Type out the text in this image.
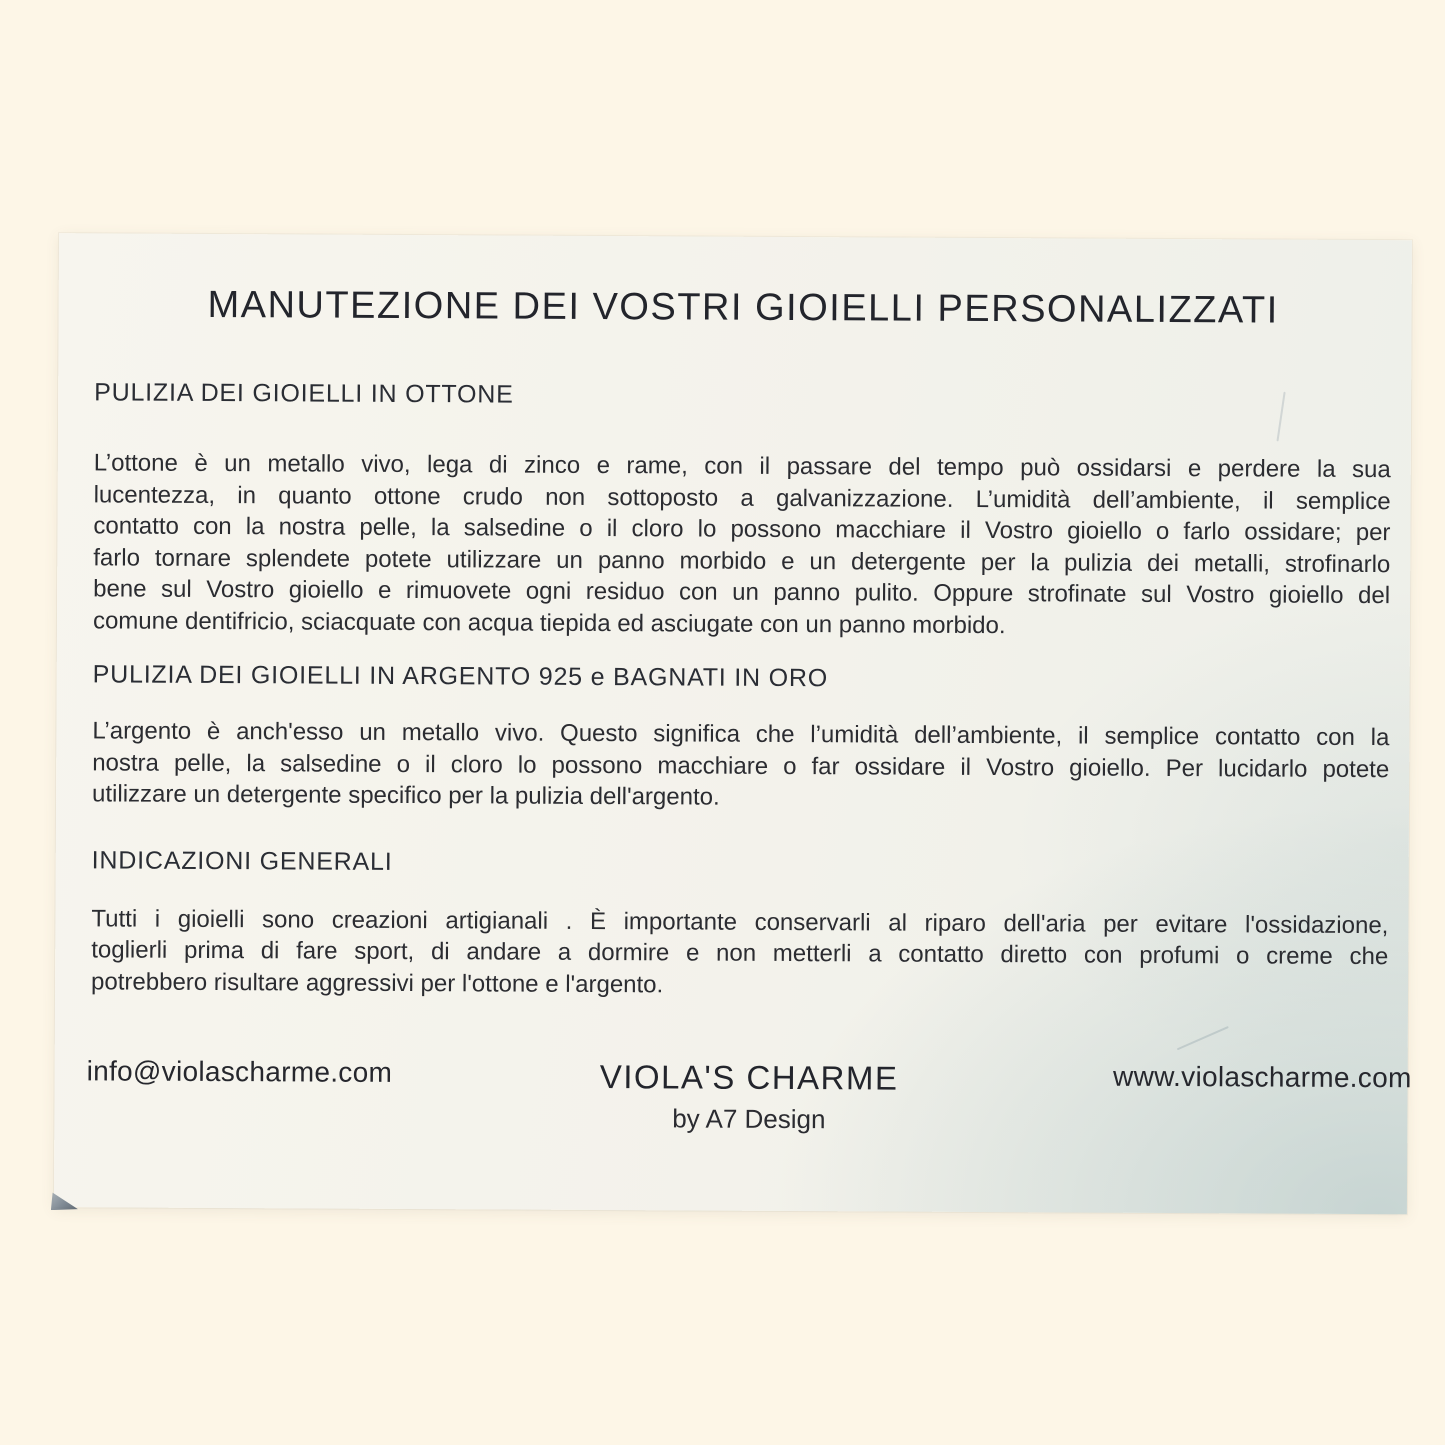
MANUTEZIONE DEI VOSTRI GIOIELLI PERSONALIZZATI
PULIZIA DEI GIOIELLI IN OTTONE
L’ottone è un metallo vivo, lega di zinco e rame, con il passare del tempo può ossidarsi e perdere la sua
lucentezza, in quanto ottone crudo non sottoposto a galvanizzazione. L’umidità dell’ambiente, il semplice
contatto con la nostra pelle, la salsedine o il cloro lo possono macchiare il Vostro gioiello o farlo ossidare; per
farlo tornare splendete potete utilizzare un panno morbido e un detergente per la pulizia dei metalli, strofinarlo
bene sul Vostro gioiello e rimuovete ogni residuo con un panno pulito. Oppure strofinate sul Vostro gioiello del
comune dentifricio, sciacquate con acqua tiepida ed asciugate con un panno morbido.
PULIZIA DEI GIOIELLI IN ARGENTO 925 e BAGNATI IN ORO
L’argento è anch'esso un metallo vivo. Questo significa che l’umidità dell’ambiente, il semplice contatto con la
nostra pelle, la salsedine o il cloro lo possono macchiare o far ossidare il Vostro gioiello. Per lucidarlo potete
utilizzare un detergente specifico per la pulizia dell'argento.
INDICAZIONI GENERALI
Tutti i gioielli sono creazioni artigianali . È importante conservarli al riparo dell'aria per evitare l'ossidazione,
toglierli prima di fare sport, di andare a dormire e non metterli a contatto diretto con profumi o creme che
potrebbero risultare aggressivi per l'ottone e l'argento.
info@violascharme.com	VIOLA'S CHARME
by A7 Design
www.violascharme.com
